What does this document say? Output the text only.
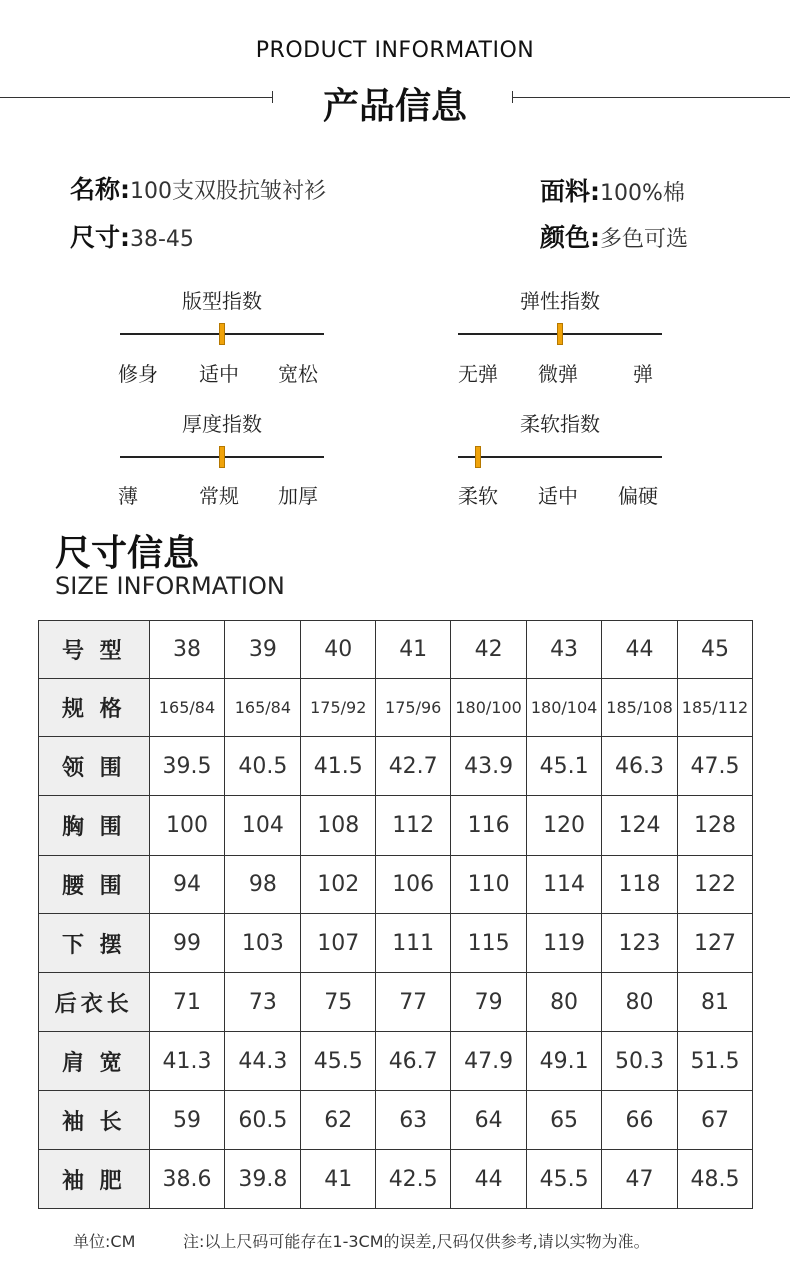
PRODUCT INFORMATION
产品信息
名称:100支双股抗皱衬衫	面料:100%棉
尺寸:38-45	颜色:多色可选
版型指数
修身 适中 宽松
弹性指数
无弹 微弹	弹
厚度指数
薄	常规 加厚
柔软指数
柔软 适中 偏硬
尺寸信息
SIZE INFORMATION
号 型	38	39	40	41	42	43	44	45
规 格	165/84	165/84	175/92	175/96	180/100	180/104	185/108	185/112
领 围	39.5	40.5	41.5	42.7	43.9	45.1	46.3	47.5
胸 围	100	104	108	112	116	120	124	128
腰 围	94	98	102	106	110	114	118	122
下 摆	99	103	107	111	115	119	123	127
后衣长	71	73	75	77	79	80	80	81
肩 宽	41.3	44.3	45.5	46.7	47.9	49.1	50.3	51.5
袖 长	59	60.5	62	63	64	65	66	67
袖 肥	38.6	39.8	41	42.5	44	45.5	47	48.5
单位:CM	注:以上尺码可能存在1-3CM的误差,尺码仅供参考,请以实物为准。
